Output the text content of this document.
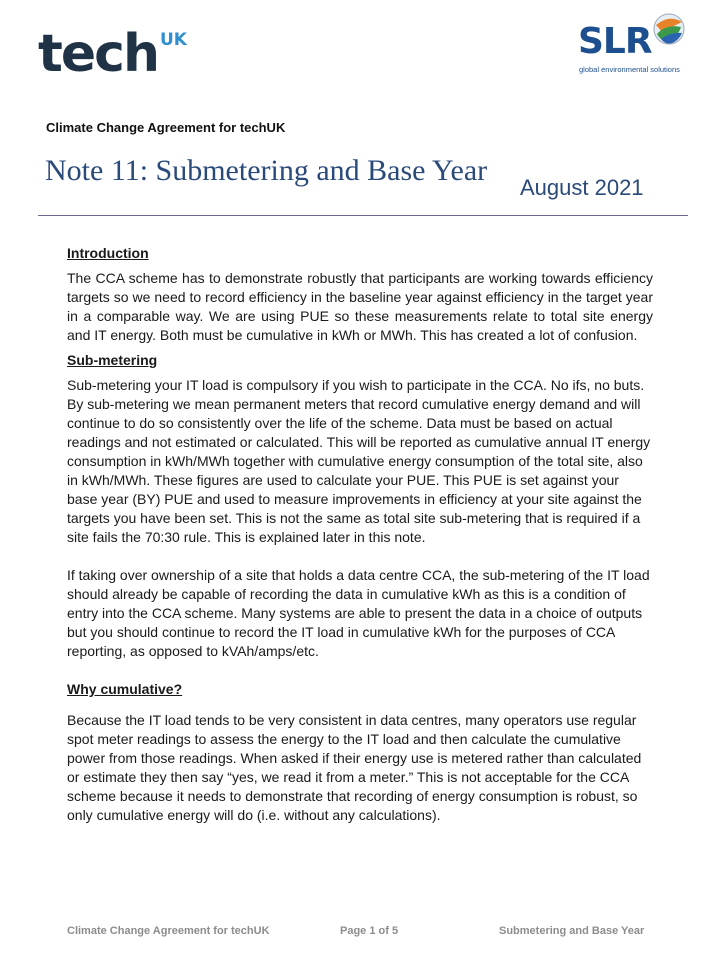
tech $^{UK}$	SLR
global environmental solutions
Climate Change Agreement for techUK
Note 11: Submetering and Base Year
August 2021
Introduction

The CCA scheme has to demonstrate robustly that participants are working towards efficiency targets so we need to record efficiency in the baseline year against efficiency in the target year in a comparable way. We are using PUE so these measurements relate to total site energy and IT energy. Both must be cumulative in kWh or MWh. This has created a lot of confusion.

Sub-metering

Sub-metering your IT load is compulsory if you wish to participate in the CCA. No ifs, no buts. By sub-metering we mean permanent meters that record cumulative energy demand and will continue to do so consistently over the life of the scheme. Data must be based on actual readings and not estimated or calculated. This will be reported as cumulative annual IT energy consumption in kWh/MWh together with cumulative energy consumption of the total site, also in kWh/MWh. These figures are used to calculate your PUE. This PUE is set against your base year (BY) PUE and used to measure improvements in efficiency at your site against the targets you have been set. This is not the same as total site sub-metering that is required if a site fails the 70:30 rule. This is explained later in this note.

If taking over ownership of a site that holds a data centre CCA, the sub-metering of the IT load should already be capable of recording the data in cumulative kWh as this is a condition of entry into the CCA scheme. Many systems are able to present the data in a choice of outputs but you should continue to record the IT load in cumulative kWh for the purposes of CCA reporting, as opposed to kVAh/amps/etc.

Why cumulative?

Because the IT load tends to be very consistent in data centres, many operators use regular spot meter readings to assess the energy to the IT load and then calculate the cumulative power from those readings. When asked if their energy use is metered rather than calculated or estimate they then say “yes, we read it from a meter.” This is not acceptable for the CCA scheme because it needs to demonstrate that recording of energy consumption is robust, so only cumulative energy will do (i.e. without any calculations).

Climate Change Agreement for techUK	Page 1 of 5	Submetering and Base Year
